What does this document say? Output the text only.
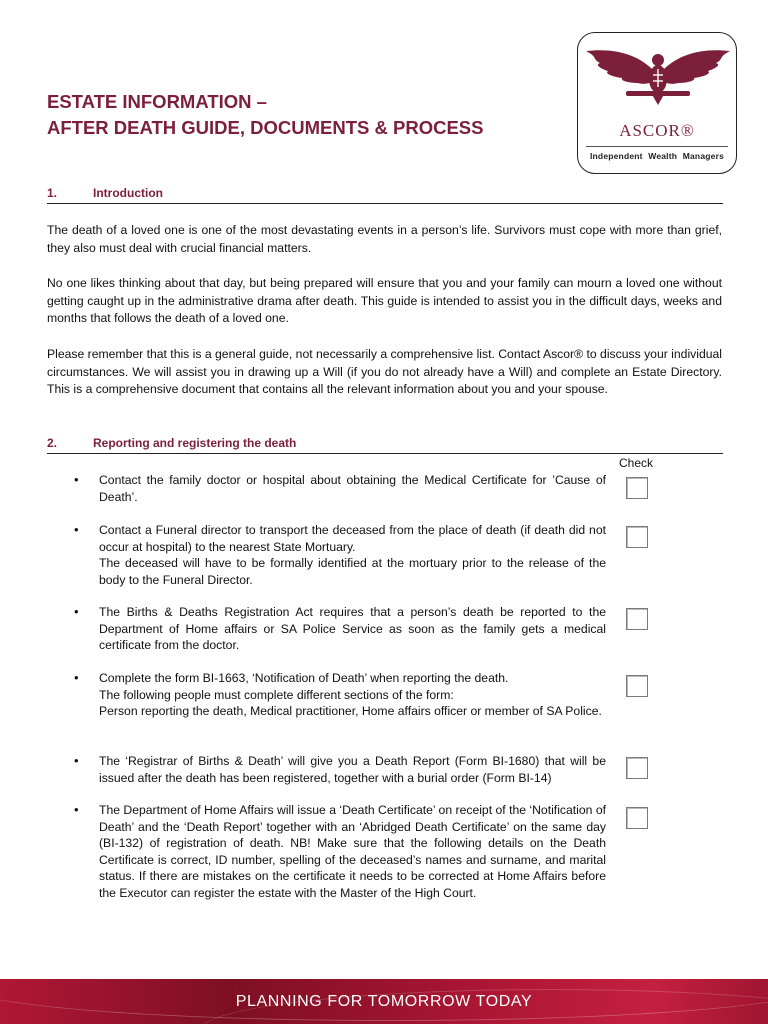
ESTATE INFORMATION –
AFTER DEATH GUIDE, DOCUMENTS & PROCESS	ASCOR®
Independent Wealth Managers
1.	Introduction

The death of a loved one is one of the most devastating events in a person’s life. Survivors must cope with more than grief, they also must deal with crucial financial matters.

No one likes thinking about that day, but being prepared will ensure that you and your family can mourn a loved one without getting caught up in the administrative drama after death. This guide is intended to assist you in the difficult days, weeks and months that follows the death of a loved one.

Please remember that this is a general guide, not necessarily a comprehensive list. Contact Ascor® to discuss your individual circumstances. We will assist you in drawing up a Will (if you do not already have a Will) and complete an Estate Directory. This is a comprehensive document that contains all the relevant information about you and your spouse.

2.	Reporting and registering the death
Check
•	Contact the family doctor or hospital about obtaining the Medical Certificate for ’Cause of Death’.
•	Contact a Funeral director to transport the deceased from the place of death (if death did not occur at hospital) to the nearest State Mortuary.
The deceased will have to be formally identified at the mortuary prior to the release of the body to the Funeral Director.
•	The Births & Deaths Registration Act requires that a person’s death be reported to the Department of Home affairs or SA Police Service as soon as the family gets a medical certificate from the doctor.
•	Complete the form BI-1663, ‘Notification of Death’ when reporting the death.
The following people must complete different sections of the form:
Person reporting the death, Medical practitioner, Home affairs officer or member of SA Police.
•	The ‘Registrar of Births & Death’ will give you a Death Report (Form BI-1680) that will be issued after the death has been registered, together with a burial order (Form BI-14)
•	The Department of Home Affairs will issue a ‘Death Certificate’ on receipt of the ‘Notification of Death’ and the ‘Death Report’ together with an ‘Abridged Death Certificate’ on the same day (BI-132) of registration of death. NB! Make sure that the following details on the Death Certificate is correct, ID number, spelling of the deceased’s names and surname, and marital status. If there are mistakes on the certificate it needs to be corrected at Home Affairs before the Executor can register the estate with the Master of the High Court.
PLANNING FOR TOMORROW TODAY
